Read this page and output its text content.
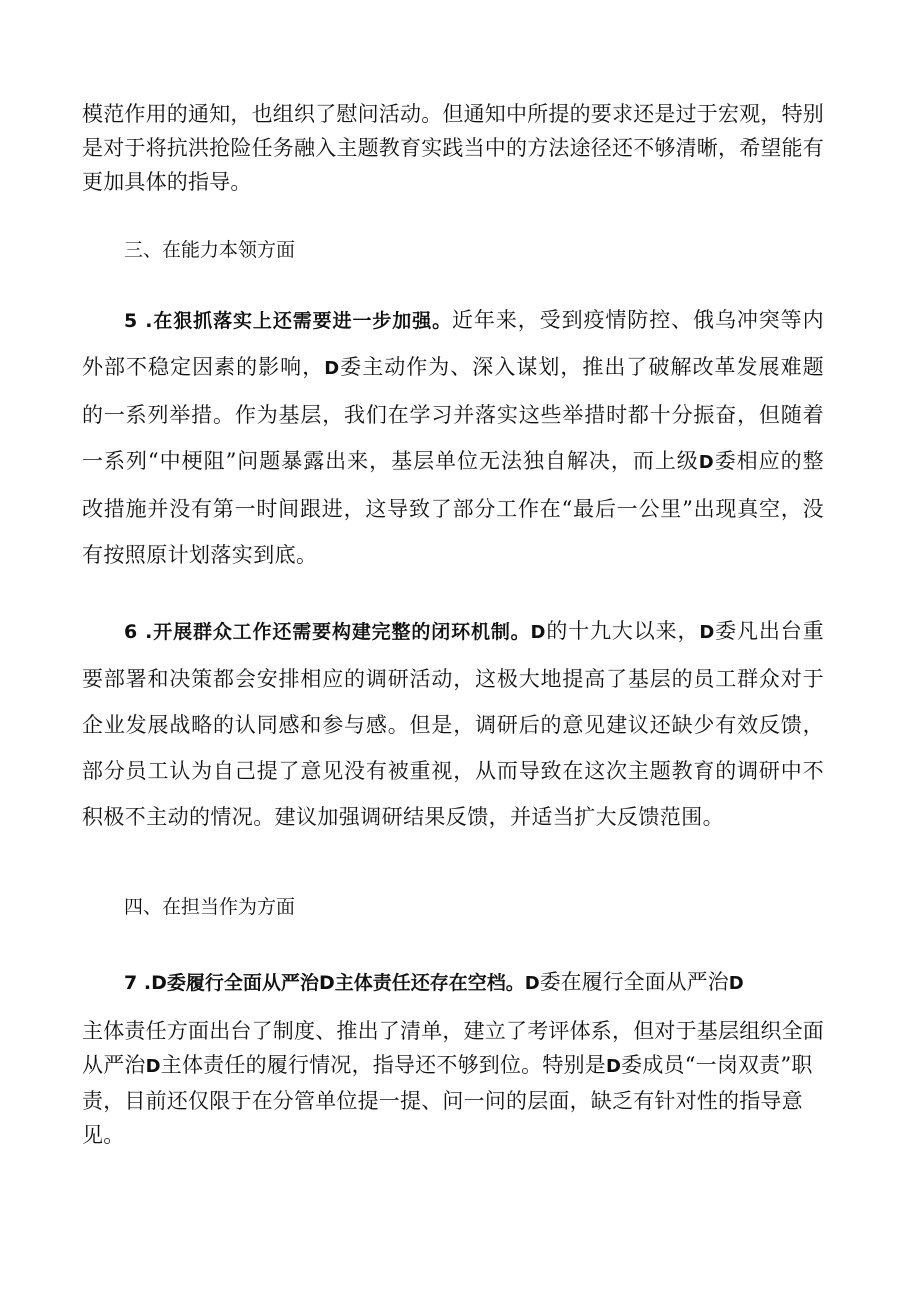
模范作用的通知，也组织了慰问活动。但通知中所提的要求还是过于宏观，特别是对于将抗洪抢险任务融入主题教育实践当中的方法途径还不够清晰，希望能有更加具体的指导。

三、在能力本领方面

5 .在狠抓落实上还需要进一步加强。近年来，受到疫情防控、俄乌冲突等内外部不稳定因素的影响，D委主动作为、深入谋划，推出了破解改革发展难题的一系列举措。作为基层，我们在学习并落实这些举措时都十分振奋，但随着一系列“中梗阻”问题暴露出来，基层单位无法独自解决，而上级D委相应的整改措施并没有第一时间跟进，这导致了部分工作在“最后一公里”出现真空，没有按照原计划落实到底。

6 .开展群众工作还需要构建完整的闭环机制。D的十九大以来，D委凡出台重要部署和决策都会安排相应的调研活动，这极大地提高了基层的员工群众对于企业发展战略的认同感和参与感。但是，调研后的意见建议还缺少有效反馈，部分员工认为自己提了意见没有被重视，从而导致在这次主题教育的调研中不积极不主动的情况。建议加强调研结果反馈，并适当扩大反馈范围。

四、在担当作为方面

7 .D委履行全面从严治D主体责任还存在空档。D委在履行全面从严治D

主体责任方面出台了制度、推出了清单，建立了考评体系，但对于基层组织全面从严治D主体责任的履行情况，指导还不够到位。特别是D委成员“一岗双责”职责，目前还仅限于在分管单位提一提、问一问的层面，缺乏有针对性的指导意见。
